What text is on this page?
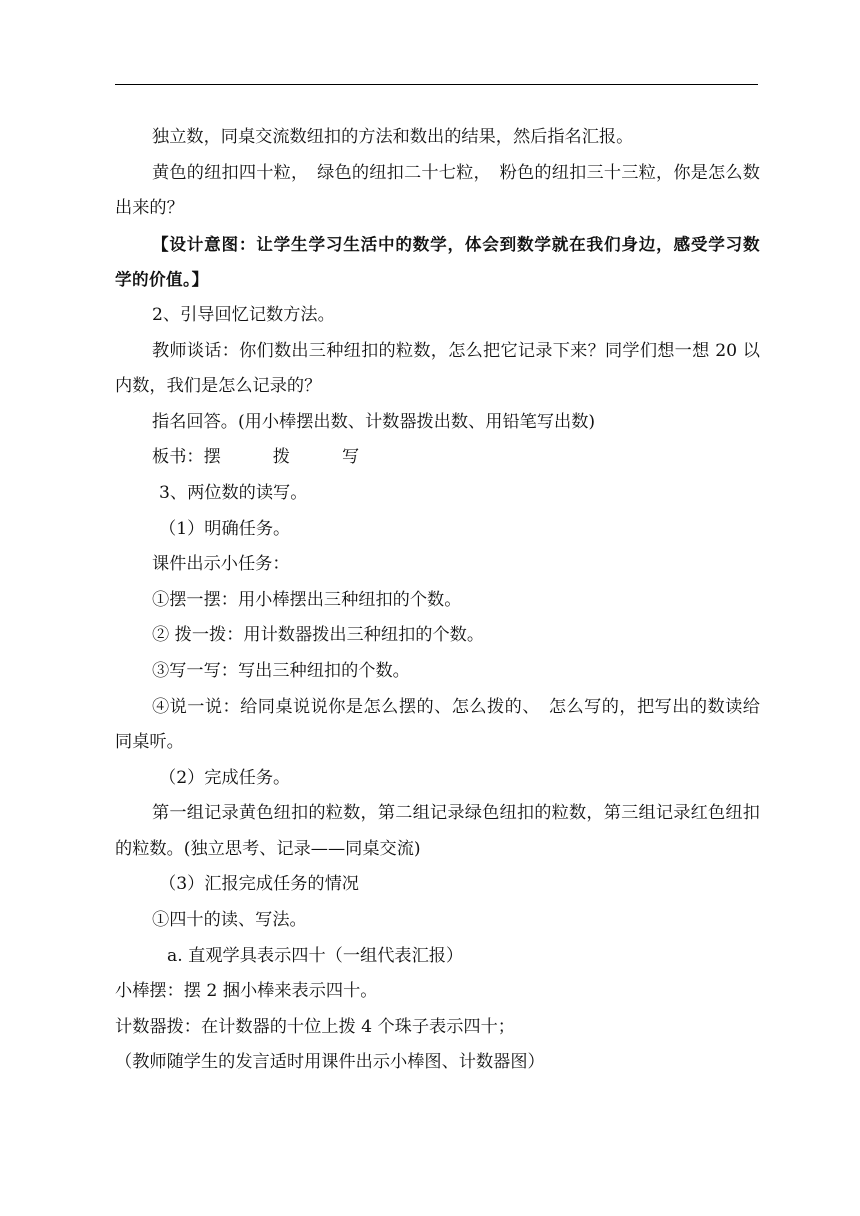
独立数，同桌交流数纽扣的方法和数出的结果，然后指名汇报。

黄色的纽扣四十粒，　绿色的纽扣二十七粒，　粉色的纽扣三十三粒，你是怎么数出来的？

【设计意图：让学生学习生活中的数学，体会到数学就在我们身边，感受学习数学的价值。】

2、引导回忆记数方法。

教师谈话：你们数出三种纽扣的粒数，怎么把它记录下来？同学们想一想 20 以内数，我们是怎么记录的？

指名回答。(用小棒摆出数、计数器拨出数、用铅笔写出数)

板书：摆	拨	写

3、两位数的读写。

（1）明确任务。

课件出示小任务：

①摆一摆：用小棒摆出三种纽扣的个数。

② 拨一拨：用计数器拨出三种纽扣的个数。

③写一写：写出三种纽扣的个数。

④说一说：给同桌说说你是怎么摆的、怎么拨的、　怎么写的，把写出的数读给同桌听。

（2）完成任务。

第一组记录黄色纽扣的粒数，第二组记录绿色纽扣的粒数，第三组记录红色纽扣的粒数。(独立思考、记录——同桌交流)

（3）汇报完成任务的情况

①四十的读、写法。

a. 直观学具表示四十（一组代表汇报）

小棒摆：摆 2 捆小棒来表示四十。

计数器拨：在计数器的十位上拨 4 个珠子表示四十；

（教师随学生的发言适时用课件出示小棒图、计数器图）
